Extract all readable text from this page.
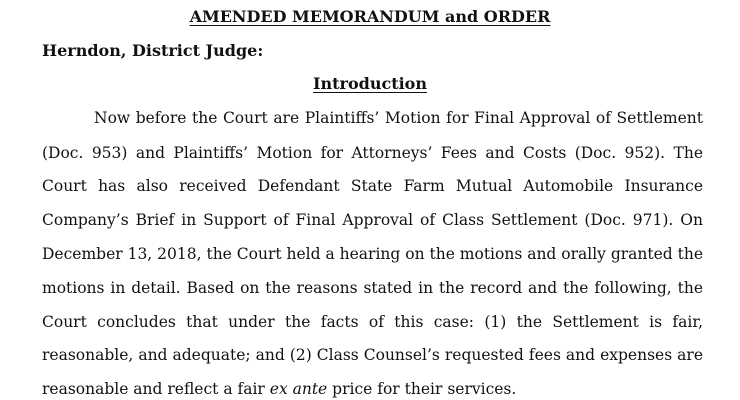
AMENDED MEMORANDUM and ORDER
Herndon, District Judge:
Introduction
Now before the Court are Plaintiffs’ Motion for Final Approval of Settlement
(Doc. 953) and Plaintiffs’ Motion for Attorneys’ Fees and Costs (Doc. 952). The
Court has also received Defendant State Farm Mutual Automobile Insurance
Company’s Brief in Support of Final Approval of Class Settlement (Doc. 971). On
December 13, 2018, the Court held a hearing on the motions and orally granted the
motions in detail. Based on the reasons stated in the record and the following, the
Court concludes that under the facts of this case: (1) the Settlement is fair,
reasonable, and adequate; and (2) Class Counsel’s requested fees and expenses are
reasonable and reflect a fair ex ante price for their services.
